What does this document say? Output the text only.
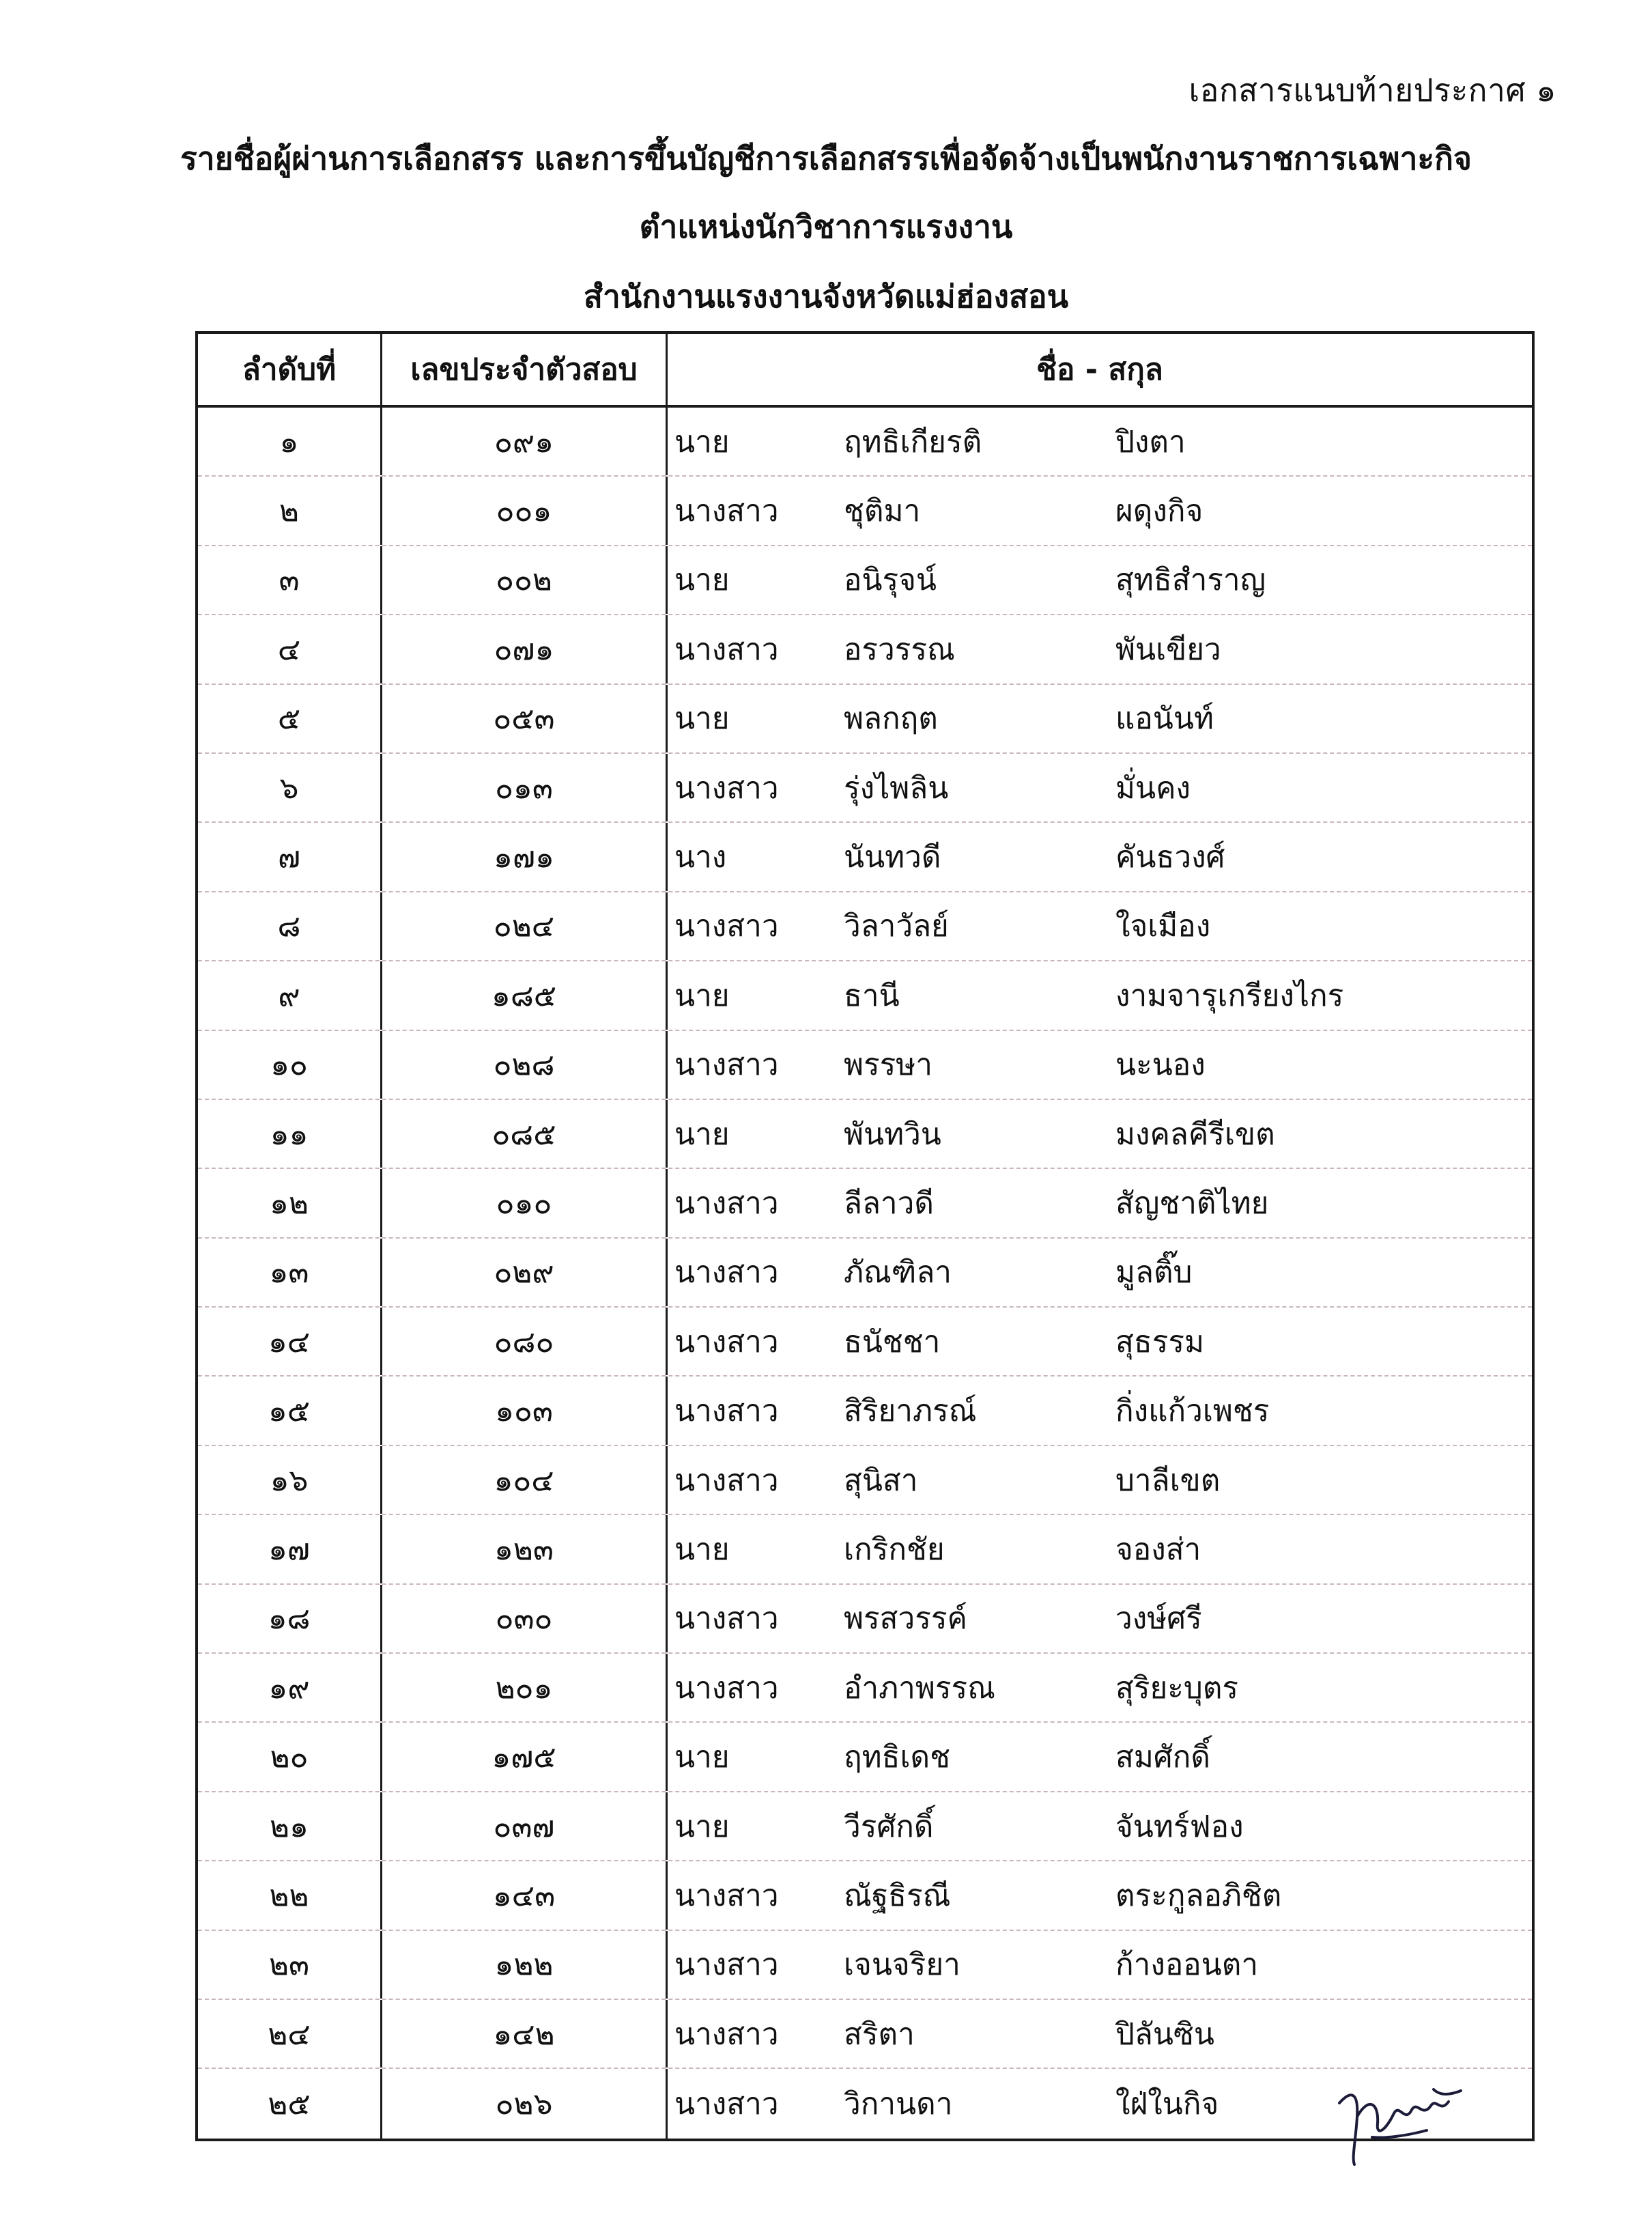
เอกสารแนบท้ายประกาศ ๑
รายชื่อผู้ผ่านการเลือกสรร และการขึ้นบัญชีการเลือกสรรเพื่อจัดจ้างเป็นพนักงานราชการเฉพาะกิจ
ตำแหน่งนักวิชาการแรงงาน
สำนักงานแรงงานจังหวัดแม่ฮ่องสอน
ลำดับที่	เลขประจำตัวสอบ	ชื่อ - สกุล
๑	๐๙๑	นาย	ฤทธิเกียรติ	ปิงตา
๒	๐๐๑	นางสาว ชุติมา	ผดุงกิจ
๓	๐๐๒	นาย	อนิรุจน์	สุทธิสำราญ
๔	๐๗๑	นางสาว อรวรรณ	พันเขียว
๕	๐๕๓	นาย	พลกฤต	แอนันท์
๖	๐๑๓	นางสาว รุ่งไพลิน	มั่นคง
๗	๑๗๑	นาง	นันทวดี	คันธวงศ์
๘	๐๒๔	นางสาว วิลาวัลย์	ใจเมือง
๙	๑๘๕	นาย	ธานี	งามจารุเกรียงไกร
๑๐	๐๒๘	นางสาว พรรษา	นะนอง
๑๑	๐๘๕	นาย	พันทวิน	มงคลคีรีเขต
๑๒	๐๑๐	นางสาว ลีลาวดี	สัญชาติไทย
๑๓	๐๒๙	นางสาว ภัณฑิลา	มูลติ๊บ
๑๔	๐๘๐	นางสาว ธนัชชา	สุธรรม
๑๕	๑๐๓	นางสาว สิริยาภรณ์	กิ่งแก้วเพชร
๑๖	๑๐๔	นางสาว สุนิสา	บาลีเขต
๑๗	๑๒๓	นาย	เกริกชัย	จองส่า
๑๘	๐๓๐	นางสาว พรสวรรค์	วงษ์ศรี
๑๙	๒๐๑	นางสาว อำภาพรรณ	สุริยะบุตร
๒๐	๑๗๕	นาย	ฤทธิเดช	สมศักดิ์
๒๑	๐๓๗	นาย	วีรศักดิ์	จันทร์ฟอง
๒๒	๑๔๓	นางสาว ณัฐธิรณี	ตระกูลอภิชิต
๒๓	๑๒๒	นางสาว เจนจริยา	ก้างออนตา
๒๔	๑๔๒	นางสาว สริตา	ปิลันซิน
๒๕	๐๒๖	นางสาว วิกานดา	ใฝ่ในกิจ
